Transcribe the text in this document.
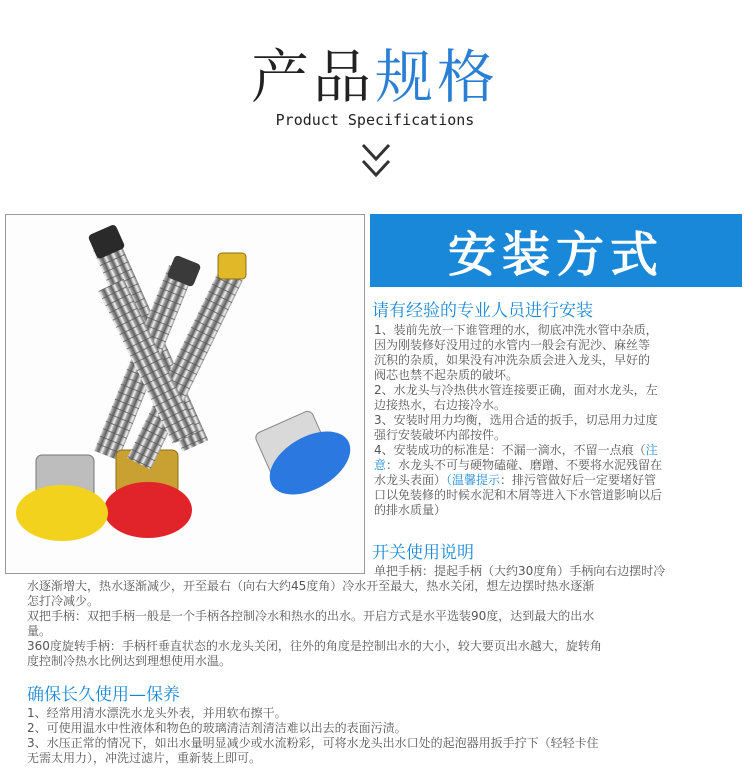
产品规格
Product Specifications
安装方式
请有经验的专业人员进行安装
1、装前先放一下谁管理的水，彻底冲洗水管中杂质，
因为刚装修好没用过的水管内一般会有泥沙、麻丝等
沉积的杂质，如果没有冲洗杂质会进入龙头，早好的
阀芯也禁不起杂质的破坏。
2、水龙头与冷热供水管连接要正确，面对水龙头，左
边接热水，右边接冷水。
3、安装时用力均衡，选用合适的扳手，切忌用力过度
强行安装破坏内部按件。
4、安装成功的标准是：不漏一滴水，不留一点痕（注
意：水龙头不可与硬物磕碰、磨蹭、不要将水泥残留在
水龙头表面）（温馨提示：排污管做好后一定要堵好管
口以免装修的时候水泥和木屑等进入下水管道影响以后
的排水质量）
开关使用说明
单把手柄：提起手柄（大约30度角）手柄向右边摆时冷
水逐渐增大，热水逐渐减少，开至最右（向右大约45度角）冷水开至最大，热水关闭，想左边摆时热水逐渐
怎打冷减少。
双把手柄：双把手柄一般是一个手柄各控制冷水和热水的出水。开启方式是水平选装90度，达到最大的出水
量。
360度旋转手柄：手柄杆垂直状态的水龙头关闭，往外的角度是控制出水的大小，较大要页出水越大，旋转角
度控制冷热水比例达到理想使用水温。
确保长久使用—保养
1、经常用清水漂洗水龙头外表，并用软布擦干。
2、可使用温水中性液体和物色的玻璃清洁剂清洁难以出去的表面污渍。
3、水压正常的情况下，如出水量明显减少或水流粉彩，可将水龙头出水口处的起泡器用扳手拧下（轻轻卡住
无需太用力），冲洗过滤片，重新装上即可。
